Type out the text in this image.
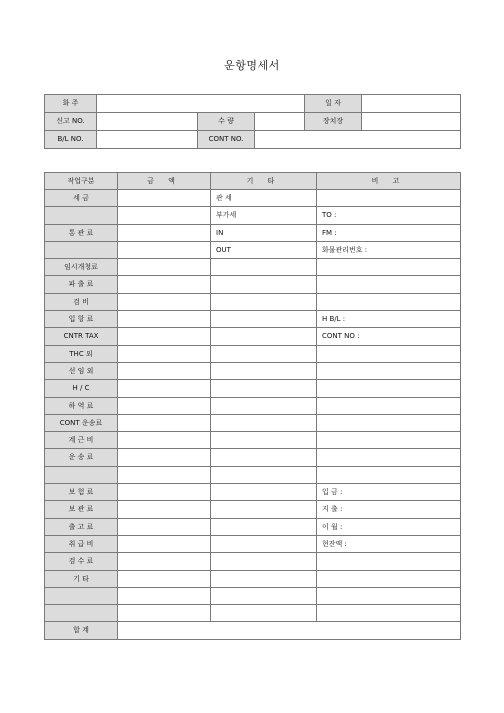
운항명세서
화 주				일 자	
신고 NO.		수 량		장치장	
B/L NO.		CONT NO.			
작업구분	금 액	기 타	비 고
세 금		관 세	
		부가세	TO :
통 관 료		IN	FM :
		OUT	화물관리번호 :
임시개청료			
파 출 료			
검 비			
입 항 료			H B/L :
CNTR TAX			CONT NO :
THC 외			
선 임 외			
H / C			
하 역 료			
CONT 운송료			
계 근 비			
운 송 료			

보 험 료			입 금 :
보 관 료			지 출 :
출 고 료			이 월 :
취 급 비			현잔액 :
검 수 료			
기 타			

합 계			
